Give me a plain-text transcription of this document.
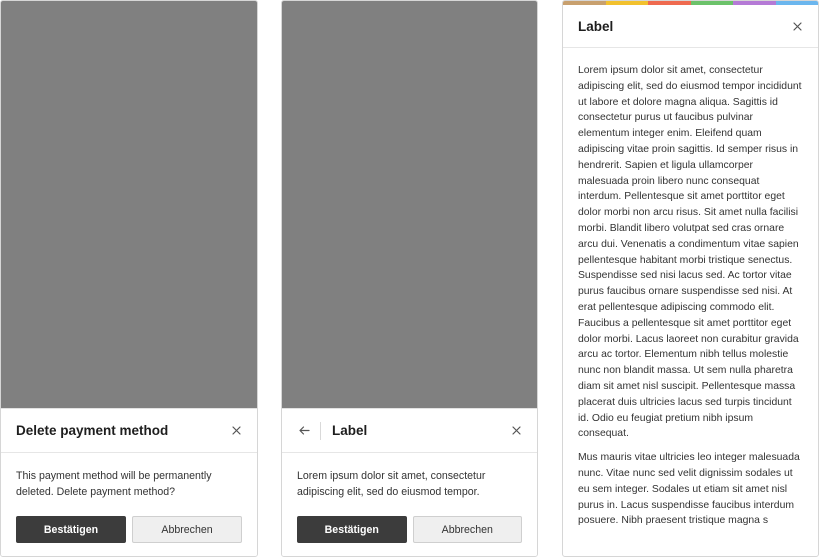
Delete payment method
This payment method will be permanently deleted. Delete payment method?
Bestätigen	Abbrechen
Label
Lorem ipsum dolor sit amet, consectetur adipiscing elit, sed do eiusmod tempor.
Bestätigen	Abbrechen
Label

Lorem ipsum dolor sit amet, consectetur adipiscing elit, sed do eiusmod tempor incididunt ut labore et dolore magna aliqua. Sagittis id consectetur purus ut faucibus pulvinar elementum integer enim. Eleifend quam adipiscing vitae proin sagittis. Id semper risus in hendrerit. Sapien et ligula ullamcorper malesuada proin libero nunc consequat interdum. Pellentesque sit amet porttitor eget dolor morbi non arcu risus. Sit amet nulla facilisi morbi. Blandit libero volutpat sed cras ornare arcu dui. Venenatis a condimentum vitae sapien pellentesque habitant morbi tristique senectus. Suspendisse sed nisi lacus sed. Ac tortor vitae purus faucibus ornare suspendisse sed nisi. At erat pellentesque adipiscing commodo elit. Faucibus a pellentesque sit amet porttitor eget dolor morbi. Lacus laoreet non curabitur gravida arcu ac tortor. Elementum nibh tellus molestie nunc non blandit massa. Ut sem nulla pharetra diam sit amet nisl suscipit. Pellentesque massa placerat duis ultricies lacus sed turpis tincidunt id. Odio eu feugiat pretium nibh ipsum consequat.

Mus mauris vitae ultricies leo integer malesuada nunc. Vitae nunc sed velit dignissim sodales ut eu sem integer. Sodales ut etiam sit amet nisl purus in. Lacus suspendisse faucibus interdum posuere. Nibh praesent tristique magna s
